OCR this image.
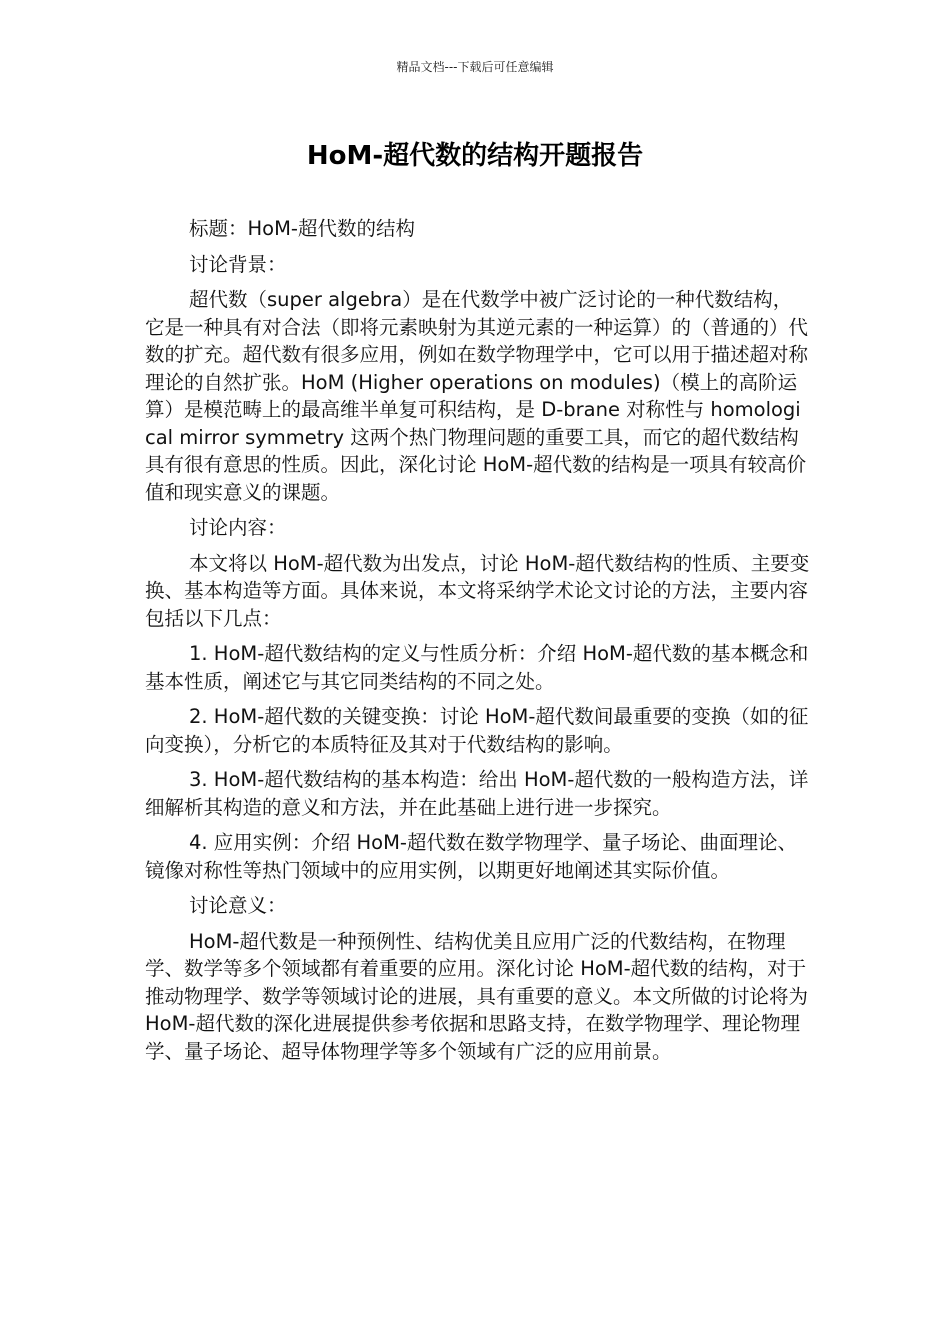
精品文档---下载后可任意编辑
HoM-超代数的结构开题报告

标题：HoM-超代数的结构

讨论背景：

超代数（super algebra）是在代数学中被广泛讨论的一种代数结构，它是一种具有对合法（即将元素映射为其逆元素的一种运算）的（普通的）代数的扩充。超代数有很多应用，例如在数学物理学中，它可以用于描述超对称理论的自然扩张。HoM (Higher operations on modules)（模上的高阶运算）是模范畴上的最高维半单复可积结构，是 D-brane 对称性与 homological mirror symmetry 这两个热门物理问题的重要工具，而它的超代数结构具有很有意思的性质。因此，深化讨论 HoM-超代数的结构是一项具有较高价值和现实意义的课题。

讨论内容：

本文将以 HoM-超代数为出发点，讨论 HoM-超代数结构的性质、主要变换、基本构造等方面。具体来说，本文将采纳学术论文讨论的方法，主要内容包括以下几点：

1. HoM-超代数结构的定义与性质分析：介绍 HoM-超代数的基本概念和基本性质，阐述它与其它同类结构的不同之处。

2. HoM-超代数的关键变换：讨论 HoM-超代数间最重要的变换（如的征向变换），分析它的本质特征及其对于代数结构的影响。

3. HoM-超代数结构的基本构造：给出 HoM-超代数的一般构造方法，详细解析其构造的意义和方法，并在此基础上进行进一步探究。

4. 应用实例：介绍 HoM-超代数在数学物理学、量子场论、曲面理论、镜像对称性等热门领域中的应用实例，以期更好地阐述其实际价值。

讨论意义：

HoM-超代数是一种预例性、结构优美且应用广泛的代数结构，在物理学、数学等多个领域都有着重要的应用。深化讨论 HoM-超代数的结构，对于推动物理学、数学等领域讨论的进展，具有重要的意义。本文所做的讨论将为 HoM-超代数的深化进展提供参考依据和思路支持，在数学物理学、理论物理学、量子场论、超导体物理学等多个领域有广泛的应用前景。
